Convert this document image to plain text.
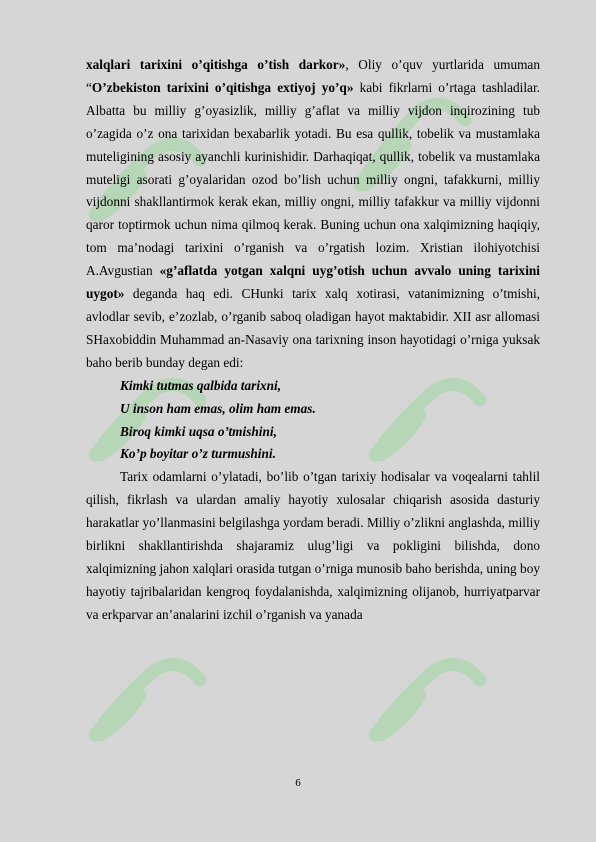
xalqlari tarixini o’qitishga o’tish darkor», Oliy o’quv yurtlarida umuman “O’zbekiston tarixini o’qitishga extiyoj yo’q» kabi fikrlarni o’rtaga tashladilar. Albatta bu milliy g’oyasizlik, milliy g’aflat va milliy vijdon inqirozining tub o’zagida o’z ona tarixidan bexabarlik yotadi. Bu esa qullik, tobelik va mustamlaka muteligining asosiy ayanchli kurinishidir. Darhaqiqat, qullik, tobelik va mustamlaka muteligi asorati g’oyalaridan ozod bo’lish uchun milliy ongni, tafakkurni, milliy vijdonni shakllantirmok kerak ekan, milliy ongni, milliy tafakkur va milliy vijdonni qaror toptirmok uchun nima qilmoq kerak. Buning uchun ona xalqimizning haqiqiy, tom ma’nodagi tarixini o’rganish va o’rgatish lozim. Xristian ilohiyotchisi A.Avgustian «g’aflatda yotgan xalqni uyg’otish uchun avvalo uning tarixini uygot» deganda haq edi. CHunki tarix xalq xotirasi, vatanimizning o’tmishi, avlodlar sevib, e’zozlab, o’rganib saboq oladigan hayot maktabidir. XII asr allomasi SHaxobiddin Muhammad an-Nasaviy ona tarixning inson hayotidagi o’rniga yuksak baho berib bunday degan edi:

Kimki tutmas qalbida tarixni,

U inson ham emas, olim ham emas.

Biroq kimki uqsa o’tmishini,

Ko’p boyitar o’z turmushini.

Tarix odamlarni o’ylatadi, bo’lib o’tgan tarixiy hodisalar va voqealarni tahlil qilish, fikrlash va ulardan amaliy hayotiy xulosalar chiqarish asosida dasturiy harakatlar yo’llanmasini belgilashga yordam beradi. Milliy o’zlikni anglashda, milliy birlikni shakllantirishda shajaramiz ulug’ligi va pokligini bilishda, dono xalqimizning jahon xalqlari orasida tutgan o’rniga munosib baho berishda, uning boy hayotiy tajribalaridan kengroq foydalanishda, xalqimizning olijanob, hurriyatparvar va erkparvar an’analarini izchil o’rganish va yanada

6
